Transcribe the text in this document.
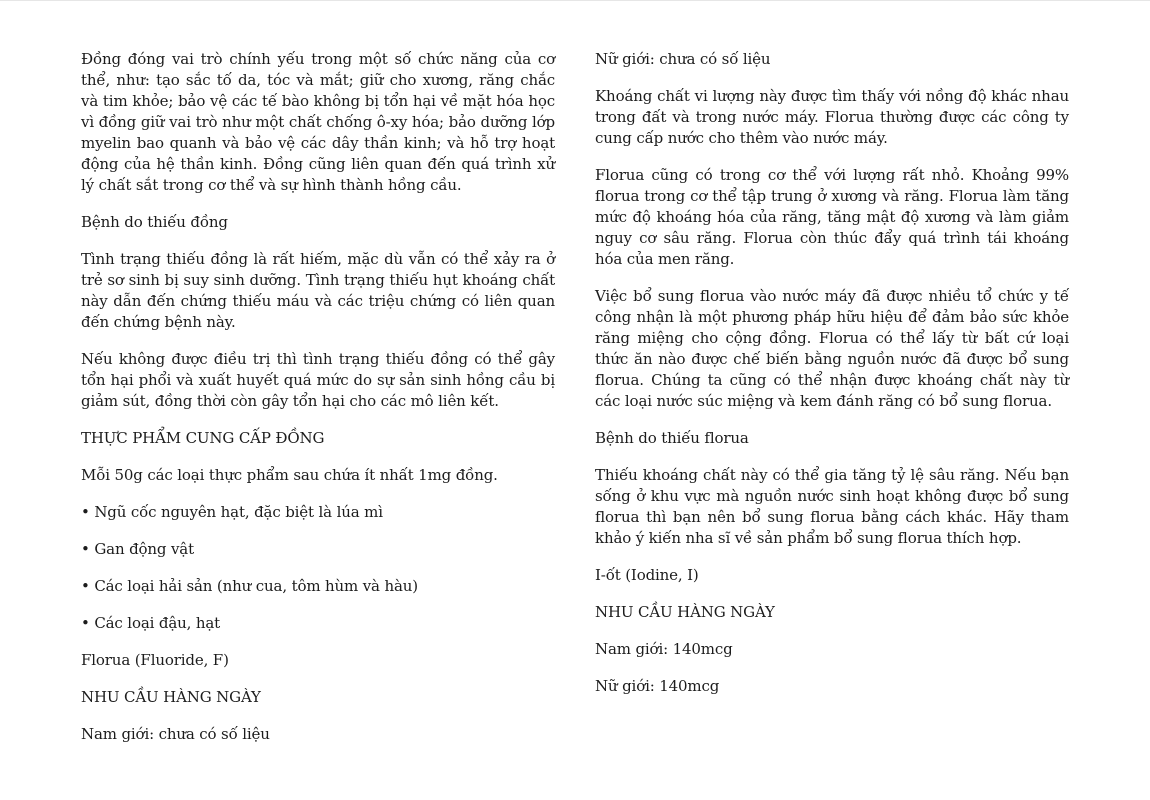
Đồng đóng vai trò chính yếu trong một số chức năng của cơ thể, như: tạo sắc tố da, tóc và mắt; giữ cho xương, răng chắc và tim khỏe; bảo vệ các tế bào không bị tổn hại về mặt hóa học vì đồng giữ vai trò như một chất chống ô-xy hóa; bảo dưỡng lớp myelin bao quanh và bảo vệ các dây thần kinh; và hỗ trợ hoạt động của hệ thần kinh. Đồng cũng liên quan đến quá trình xử lý chất sắt trong cơ thể và sự hình thành hồng cầu.

Bệnh do thiếu đồng

Tình trạng thiếu đồng là rất hiếm, mặc dù vẫn có thể xảy ra ở trẻ sơ sinh bị suy sinh dưỡng. Tình trạng thiếu hụt khoáng chất này dẫn đến chứng thiếu máu và các triệu chứng có liên quan đến chứng bệnh này.

Nếu không được điều trị thì tình trạng thiếu đồng có thể gây tổn hại phổi và xuất huyết quá mức do sự sản sinh hồng cầu bị giảm sút, đồng thời còn gây tổn hại cho các mô liên kết.

THỰC PHẨM CUNG CẤP ĐỒNG

Mỗi 50g các loại thực phẩm sau chứa ít nhất 1mg đồng.

• Ngũ cốc nguyên hạt, đặc biệt là lúa mì

• Gan động vật

• Các loại hải sản (như cua, tôm hùm và hàu)

• Các loại đậu, hạt

Florua (Fluoride, F)

NHU CẦU HÀNG NGÀY

Nam giới: chưa có số liệu

Nữ giới: chưa có số liệu

Khoáng chất vi lượng này được tìm thấy với nồng độ khác nhau trong đất và trong nước máy. Florua thường được các công ty cung cấp nước cho thêm vào nước máy.

Florua cũng có trong cơ thể với lượng rất nhỏ. Khoảng 99% florua trong cơ thể tập trung ở xương và răng. Florua làm tăng mức độ khoáng hóa của răng, tăng mật độ xương và làm giảm nguy cơ sâu răng. Florua còn thúc đẩy quá trình tái khoáng hóa của men răng.

Việc bổ sung florua vào nước máy đã được nhiều tổ chức y tế công nhận là một phương pháp hữu hiệu để đảm bảo sức khỏe răng miệng cho cộng đồng. Florua có thể lấy từ bất cứ loại thức ăn nào được chế biến bằng nguồn nước đã được bổ sung florua. Chúng ta cũng có thể nhận được khoáng chất này từ các loại nước súc miệng và kem đánh răng có bổ sung florua.

Bệnh do thiếu florua

Thiếu khoáng chất này có thể gia tăng tỷ lệ sâu răng. Nếu bạn sống ở khu vực mà nguồn nước sinh hoạt không được bổ sung florua thì bạn nên bổ sung florua bằng cách khác. Hãy tham khảo ý kiến nha sĩ về sản phẩm bổ sung florua thích hợp.

I-ốt (Iodine, I)

NHU CẦU HÀNG NGÀY

Nam giới: 140mcg

Nữ giới: 140mcg
